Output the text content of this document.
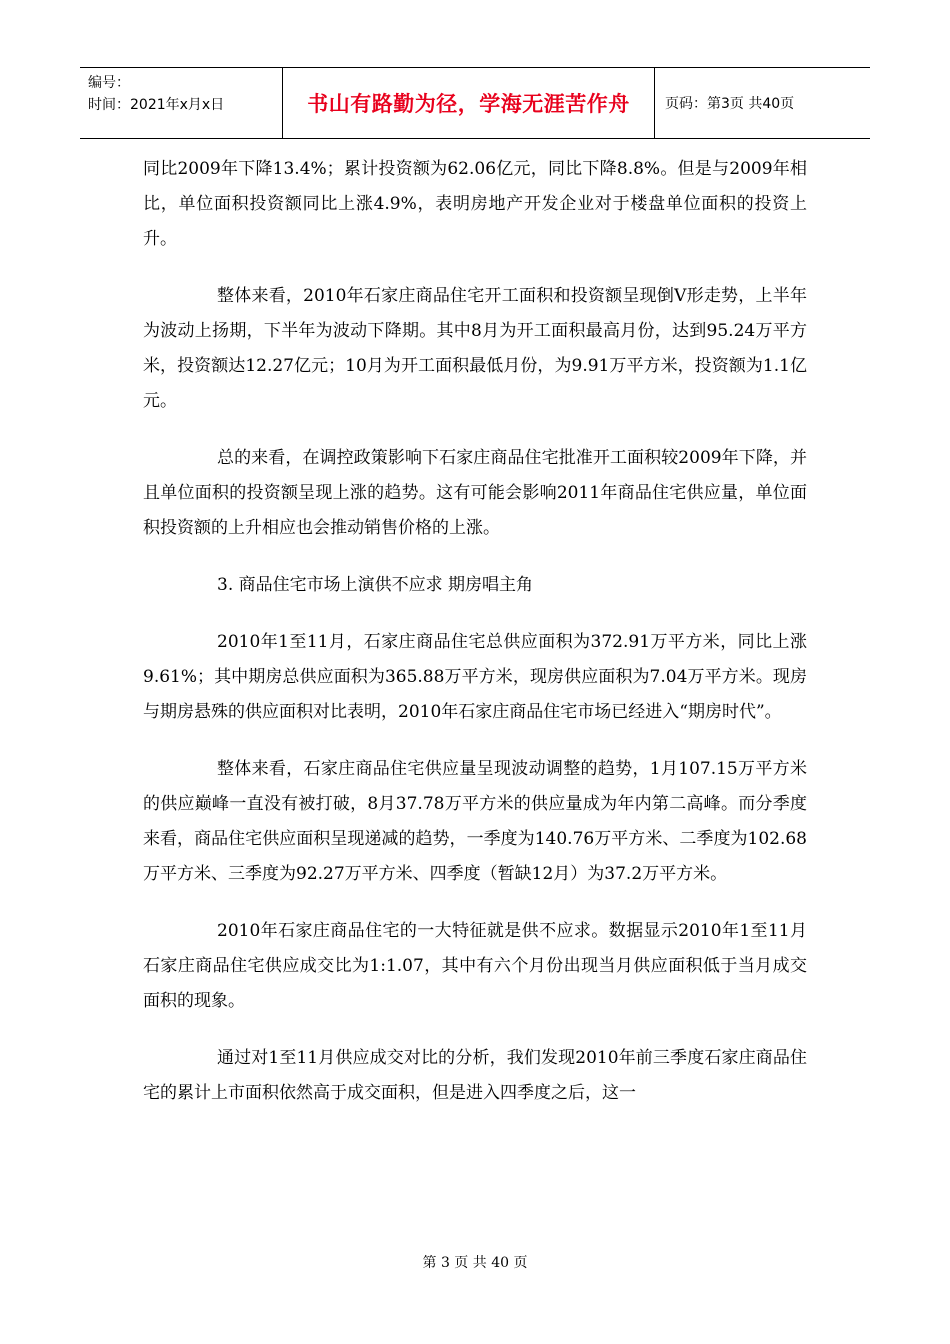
编号：
时间：2021年x月x日	书山有路勤为径，学海无涯苦作舟	页码：第3页 共40页

同比2009年下降13.4%；累计投资额为62.06亿元，同比下降8.8%。但是与2009年相比，单位面积投资额同比上涨4.9%，表明房地产开发企业对于楼盘单位面积的投资上升。

整体来看，2010年石家庄商品住宅开工面积和投资额呈现倒V形走势，上半年为波动上扬期，下半年为波动下降期。其中8月为开工面积最高月份，达到95.24万平方米，投资额达12.27亿元；10月为开工面积最低月份，为9.91万平方米，投资额为1.1亿元。

总的来看，在调控政策影响下石家庄商品住宅批准开工面积较2009年下降，并且单位面积的投资额呈现上涨的趋势。这有可能会影响2011年商品住宅供应量，单位面积投资额的上升相应也会推动销售价格的上涨。

3. 商品住宅市场上演供不应求 期房唱主角

2010年1至11月，石家庄商品住宅总供应面积为372.91万平方米，同比上涨9.61%；其中期房总供应面积为365.88万平方米，现房供应面积为7.04万平方米。现房与期房悬殊的供应面积对比表明，2010年石家庄商品住宅市场已经进入“期房时代”。

整体来看，石家庄商品住宅供应量呈现波动调整的趋势，1月107.15万平方米的供应巅峰一直没有被打破，8月37.78万平方米的供应量成为年内第二高峰。而分季度来看，商品住宅供应面积呈现递减的趋势，一季度为140.76万平方米、二季度为102.68万平方米、三季度为92.27万平方米、四季度（暂缺12月）为37.2万平方米。

2010年石家庄商品住宅的一大特征就是供不应求。数据显示2010年1至11月石家庄商品住宅供应成交比为1:1.07，其中有六个月份出现当月供应面积低于当月成交面积的现象。

通过对1至11月供应成交对比的分析，我们发现2010年前三季度石家庄商品住宅的累计上市面积依然高于成交面积，但是进入四季度之后，这一

第 3 页 共 40 页
